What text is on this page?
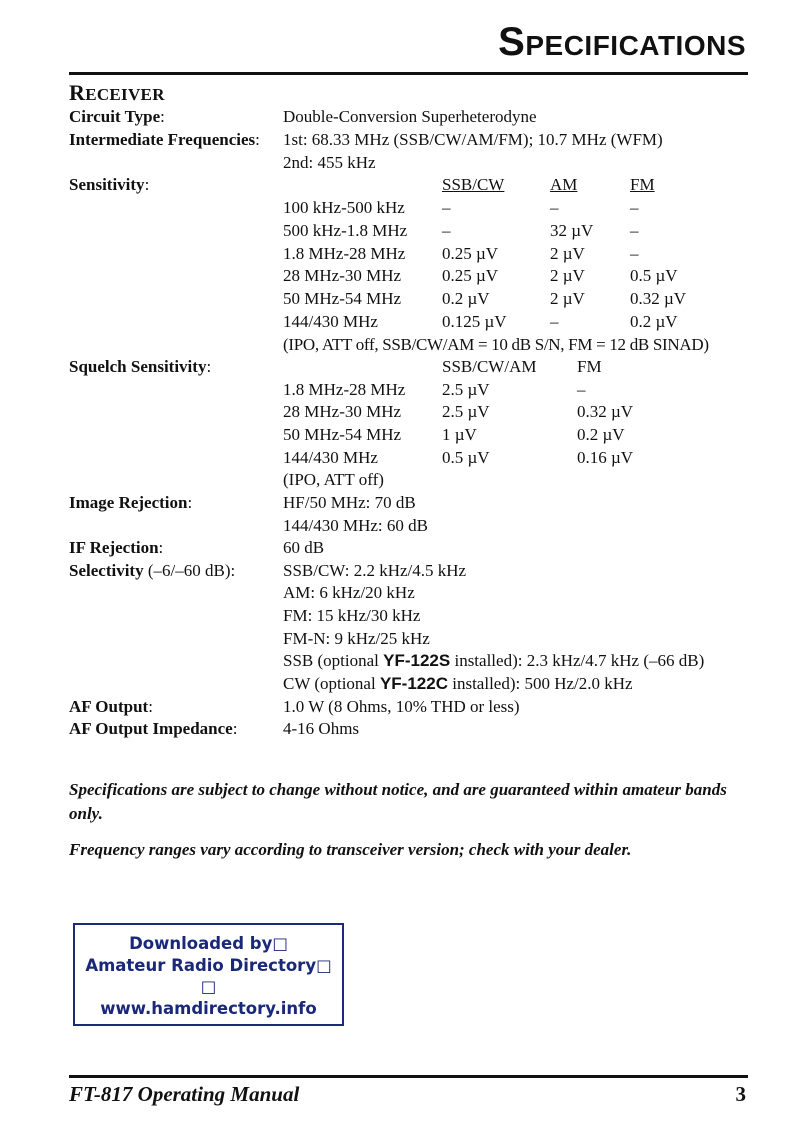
SPECIFICATIONS
RECEIVER
Circuit Type:	Double-Conversion Superheterodyne
Intermediate Frequencies: 1st: 68.33 MHz (SSB/CW/AM/FM); 10.7 MHz (WFM)
2nd: 455 kHz
Sensitivity:	SSB/CW	AM	FM
100 kHz-500 kHz –	–	–
500 kHz-1.8 MHz –	32 µV –
1.8 MHz-28 MHz 0.25 µV	2 µV	–
28 MHz-30 MHz 0.25 µV	2 µV	0.5 µV
50 MHz-54 MHz 0.2 µV	2 µV	0.32 µV
144/430 MHz	0.125 µV	–	0.2 µV
(IPO, ATT off, SSB/CW/AM = 10 dB S/N, FM = 12 dB SINAD)
Squelch Sensitivity:	SSB/CW/AM FM
1.8 MHz-28 MHz 2.5 µV	–
28 MHz-30 MHz 2.5 µV	0.32 µV
50 MHz-54 MHz 1 µV	0.2 µV
144/430 MHz	0.5 µV	0.16 µV
(IPO, ATT off)
Image Rejection:	HF/50 MHz: 70 dB
144/430 MHz: 60 dB
IF Rejection:	60 dB
Selectivity (–6/–60 dB):	SSB/CW: 2.2 kHz/4.5 kHz
AM: 6 kHz/20 kHz
FM: 15 kHz/30 kHz
FM-N: 9 kHz/25 kHz
SSB (optional YF-122S installed): 2.3 kHz/4.7 kHz (–66 dB)
CW (optional YF-122C installed): 500 Hz/2.0 kHz
AF Output:	1.0 W (8 Ohms, 10% THD or less)
AF Output Impedance:	4-16 Ohms
Specifications are subject to change without notice, and are guaranteed within amateur bands only.
Frequency ranges vary according to transceiver version; check with your dealer.
Downloaded by□
Amateur Radio Directory□
□
www.hamdirectory.info
FT-817 Operating Manual	3
